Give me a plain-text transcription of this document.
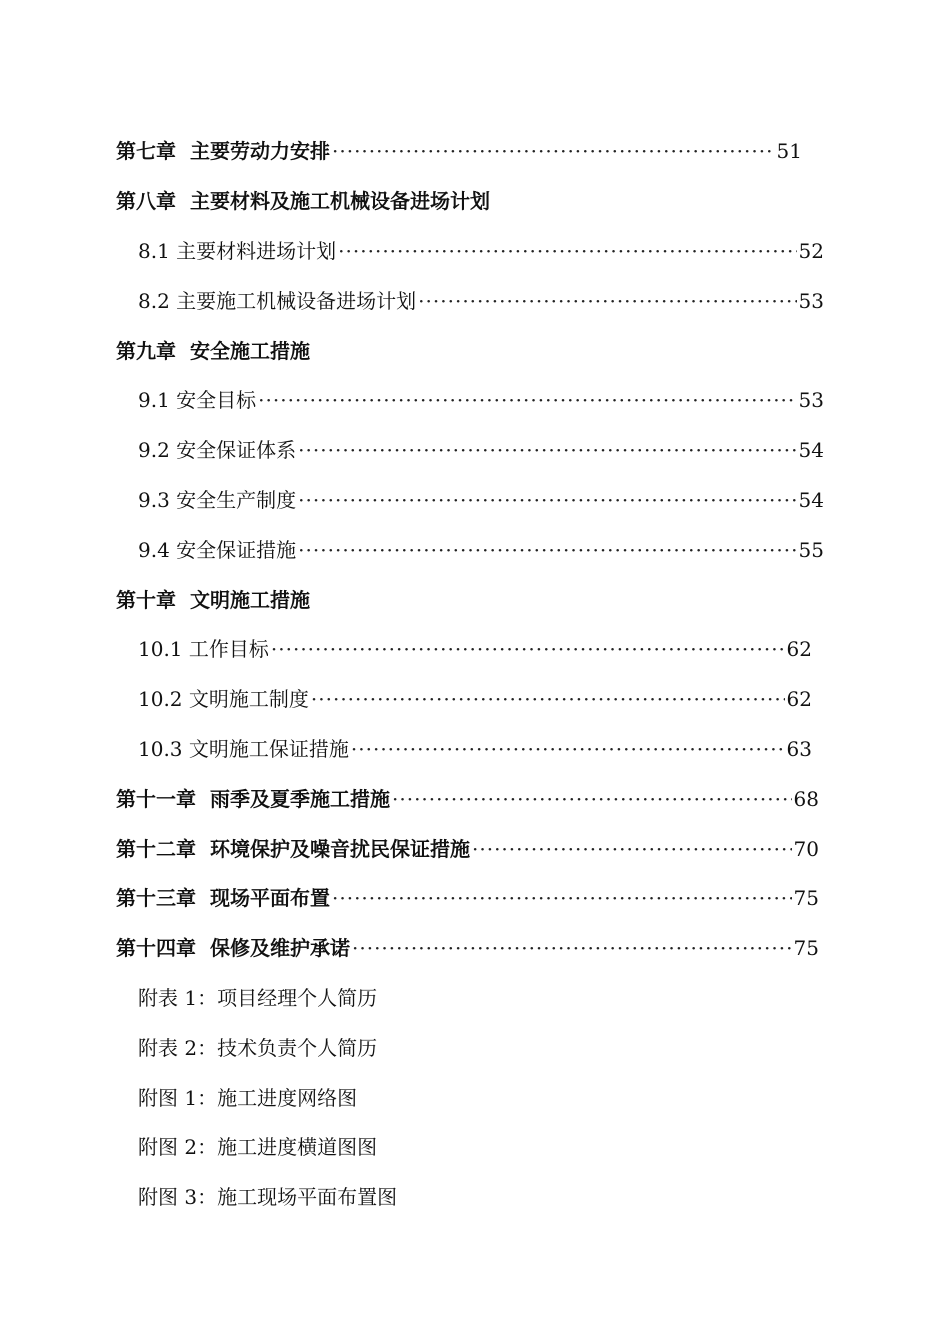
第七章 主要劳动力安排 ·····	51
第八章 主要材料及施工机械设备进场计划
8.1 主要材料进场计划 ·····	52
8.2 主要施工机械设备进场计划 ·····	53
第九章 安全施工措施
9.1 安全目标 ·····	53
9.2 安全保证体系 ·····	54
9.3 安全生产制度 ·····	54
9.4 安全保证措施 ·····	55
第十章 文明施工措施
10.1 工作目标 ·····	62
10.2 文明施工制度 ·····	62
10.3 文明施工保证措施 ·····	63
第十一章 雨季及夏季施工措施 ·····	68
第十二章 环境保护及噪音扰民保证措施 ·····	70
第十三章 现场平面布置 ·····	75
第十四章 保修及维护承诺 ·····	75
附表 1：项目经理个人简历
附表 2：技术负责个人简历
附图 1：施工进度网络图
附图 2：施工进度横道图图
附图 3：施工现场平面布置图
